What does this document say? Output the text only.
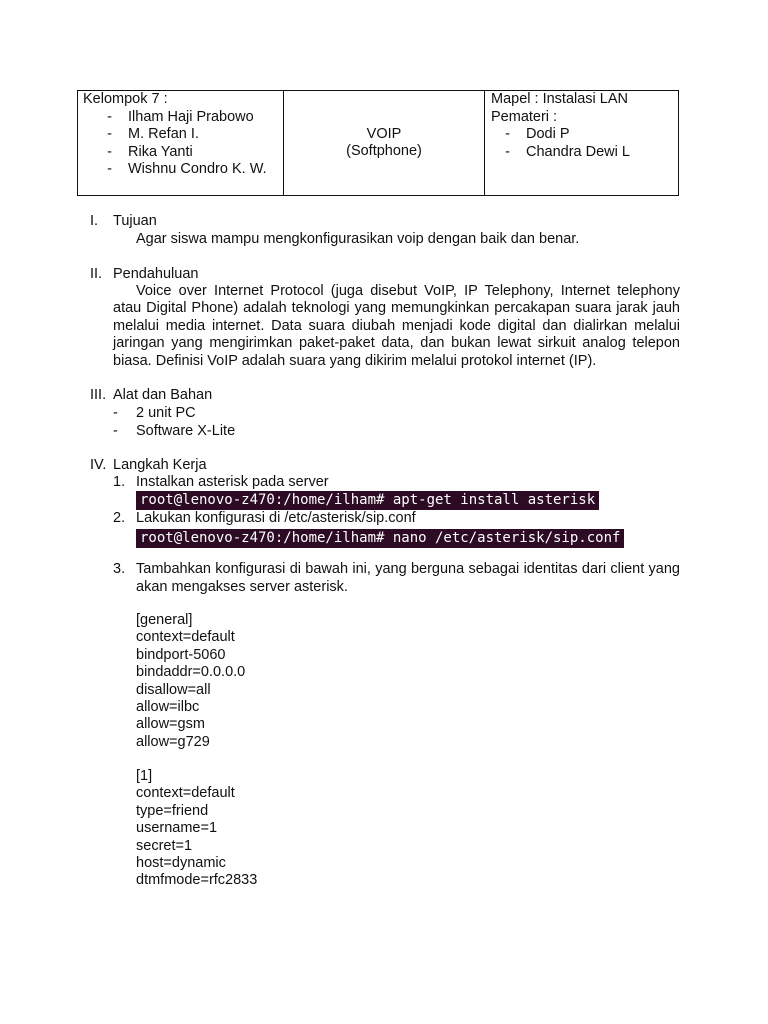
Kelompok 7 :
-	Ilham Haji Prabowo
-	M. Refan I.
-	Rika Yanti
-	Wishnu Condro K. W.

VOIP
(Softphone)

Mapel : Instalasi LAN
Pemateri :
-	Dodi P
-	Chandra Dewi L
I. Tujuan
Agar siswa mampu mengkonfigurasikan voip dengan baik dan benar.
II. Pendahuluan
Voice over Internet Protocol (juga disebut VoIP, IP Telephony, Internet telephony atau Digital Phone) adalah teknologi yang memungkinkan percakapan suara jarak jauh melalui media internet. Data suara diubah menjadi kode digital dan dialirkan melalui jaringan yang mengirimkan paket-paket data, dan bukan lewat sirkuit analog telepon biasa. Definisi VoIP adalah suara yang dikirim melalui protokol internet (IP).
III. Alat dan Bahan
- 2 unit PC
- Software X-Lite
IV. Langkah Kerja
1. Instalkan asterisk pada server
root@lenovo-z470:/home/ilham# apt-get install asterisk
2. Lakukan konfigurasi di /etc/asterisk/sip.conf
root@lenovo-z470:/home/ilham# nano /etc/asterisk/sip.conf
3. Tambahkan konfigurasi di bawah ini, yang berguna sebagai identitas dari client yang akan mengakses server asterisk.
[general]
context=default
bindport-5060
bindaddr=0.0.0.0
disallow=all
allow=ilbc
allow=gsm
allow=g729
[1]
context=default
type=friend
username=1
secret=1
host=dynamic
dtmfmode=rfc2833
